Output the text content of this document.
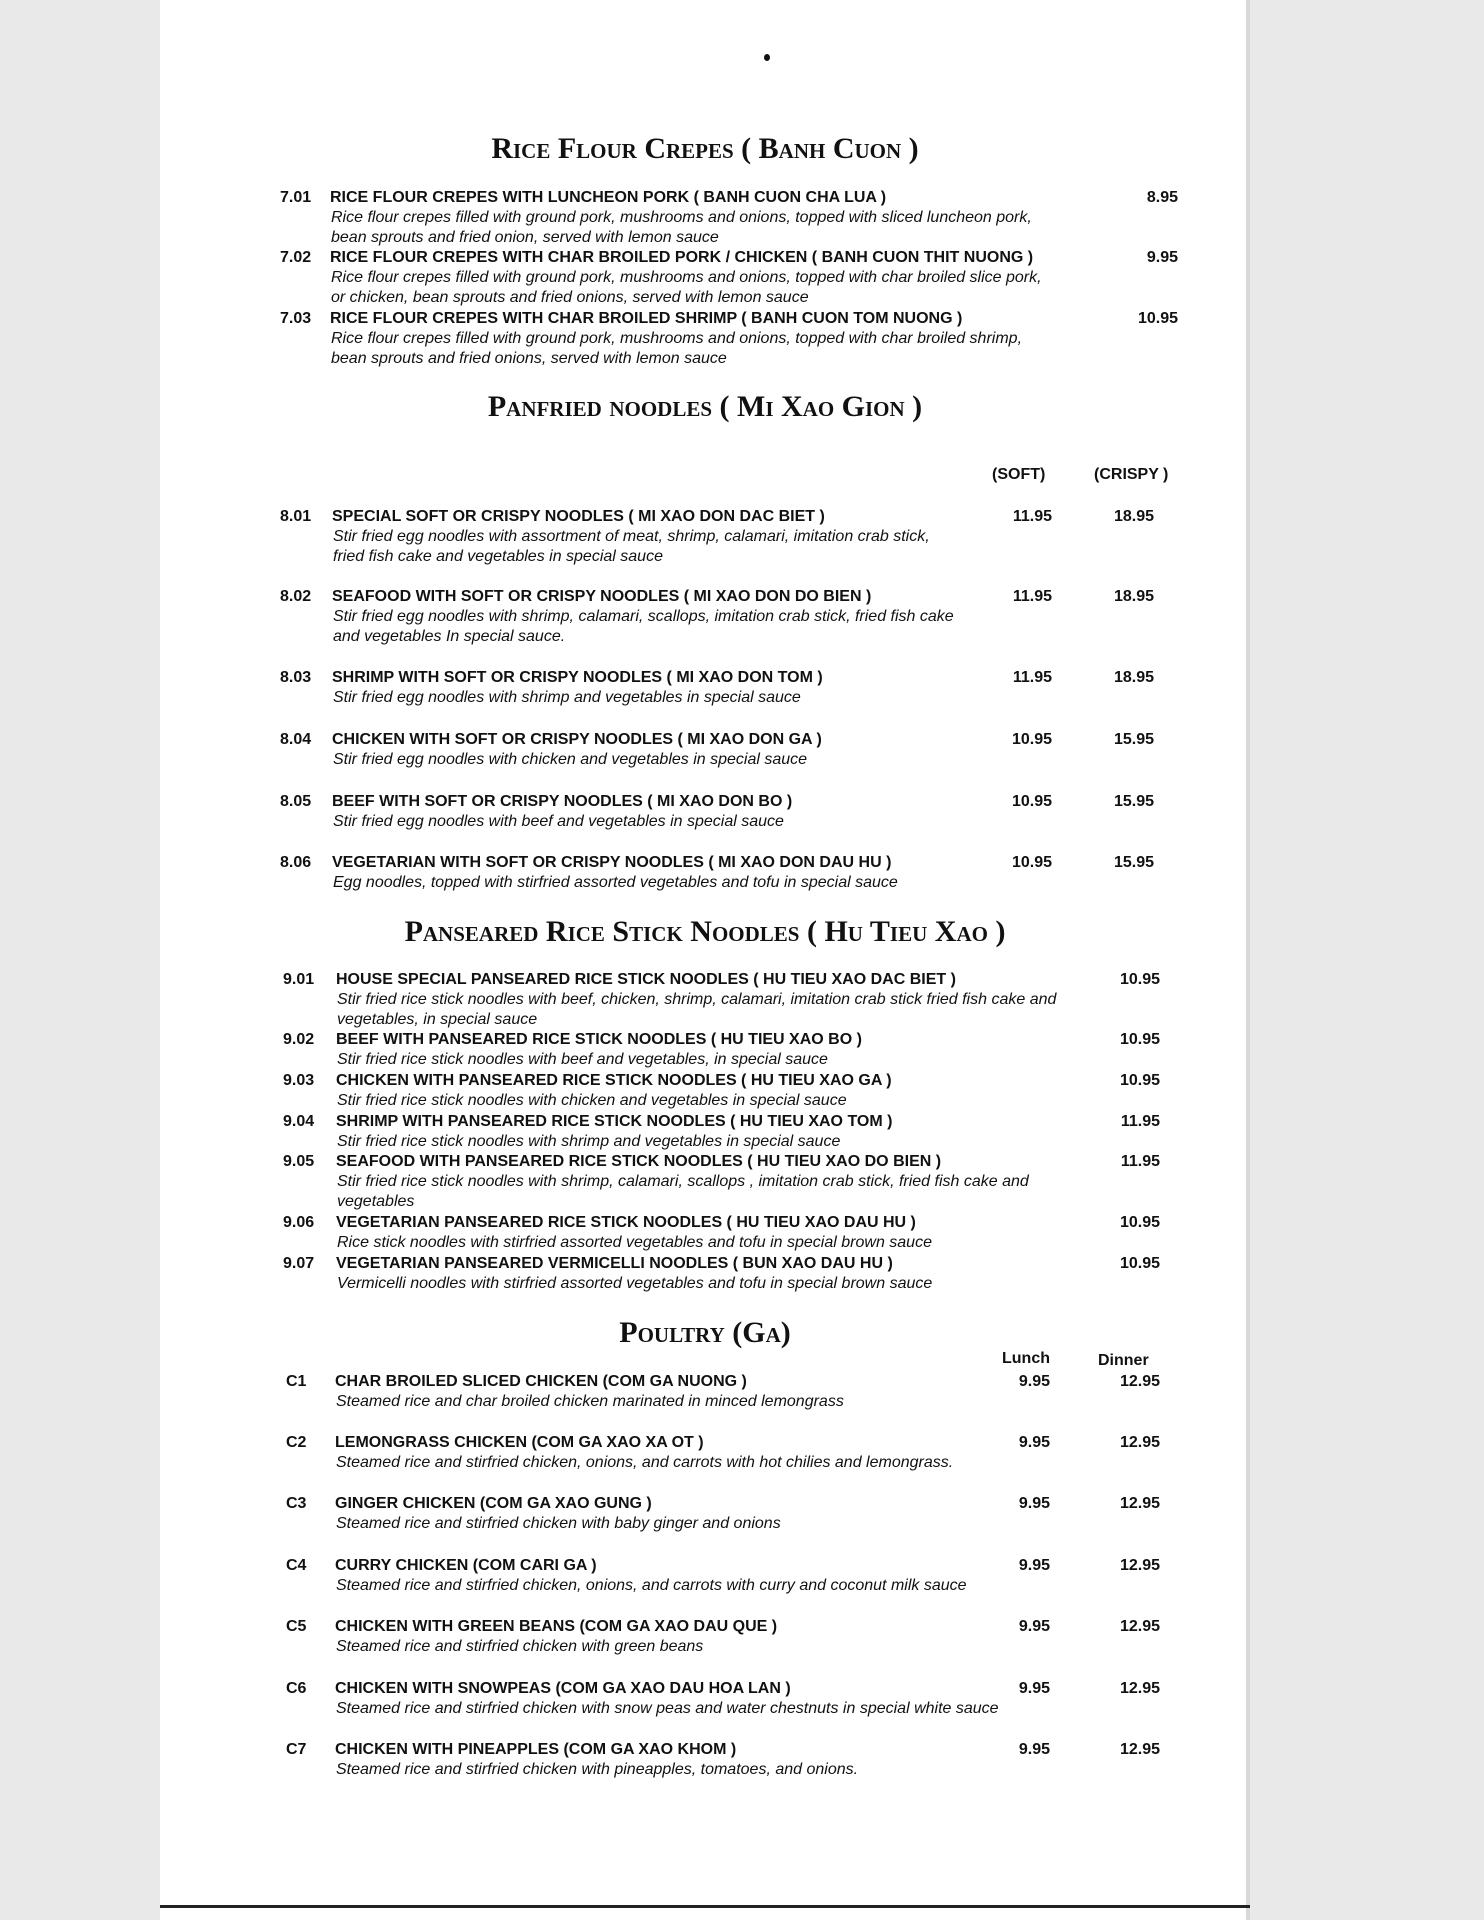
Rice Flour Crepes ( Banh Cuon )
Panfried noodles ( Mi Xao Gion )
Panseared Rice Stick Noodles ( Hu Tieu Xao )
Poultry (Ga)
(SOFT)	(CRISPY )
Lunch	Dinner
7.01 RICE FLOUR CREPES WITH LUNCHEON PORK ( BANH CUON CHA LUA )	8.95
Rice flour crepes filled with ground pork, mushrooms and onions, topped with sliced luncheon pork,
bean sprouts and fried onion, served with lemon sauce
7.02 RICE FLOUR CREPES WITH CHAR BROILED PORK / CHICKEN ( BANH CUON THIT NUONG )	9.95
Rice flour crepes filled with ground pork, mushrooms and onions, topped with char broiled slice pork,
or chicken, bean sprouts and fried onions, served with lemon sauce
7.03 RICE FLOUR CREPES WITH CHAR BROILED SHRIMP ( BANH CUON TOM NUONG )	10.95
Rice flour crepes filled with ground pork, mushrooms and onions, topped with char broiled shrimp,
bean sprouts and fried onions, served with lemon sauce
8.01 SPECIAL SOFT OR CRISPY NOODLES ( MI XAO DON DAC BIET )	11.95	18.95
Stir fried egg noodles with assortment of meat, shrimp, calamari, imitation crab stick,
fried fish cake and vegetables in special sauce
8.02 SEAFOOD WITH SOFT OR CRISPY NOODLES ( MI XAO DON DO BIEN )	11.95	18.95
Stir fried egg noodles with shrimp, calamari, scallops, imitation crab stick, fried fish cake
and vegetables In special sauce.
8.03 SHRIMP WITH SOFT OR CRISPY NOODLES ( MI XAO DON TOM )	11.95	18.95
Stir fried egg noodles with shrimp and vegetables in special sauce
8.04 CHICKEN WITH SOFT OR CRISPY NOODLES ( MI XAO DON GA )	10.95	15.95
Stir fried egg noodles with chicken and vegetables in special sauce
8.05 BEEF WITH SOFT OR CRISPY NOODLES ( MI XAO DON BO )	10.95	15.95
Stir fried egg noodles with beef and vegetables in special sauce
8.06 VEGETARIAN WITH SOFT OR CRISPY NOODLES ( MI XAO DON DAU HU )	10.95	15.95
Egg noodles, topped with stirfried assorted vegetables and tofu in special sauce
9.01 HOUSE SPECIAL PANSEARED RICE STICK NOODLES ( HU TIEU XAO DAC BIET )	10.95
Stir fried rice stick noodles with beef, chicken, shrimp, calamari, imitation crab stick fried fish cake and
vegetables, in special sauce
9.02 BEEF WITH PANSEARED RICE STICK NOODLES ( HU TIEU XAO BO )	10.95
Stir fried rice stick noodles with beef and vegetables, in special sauce
9.03 CHICKEN WITH PANSEARED RICE STICK NOODLES ( HU TIEU XAO GA )	10.95
Stir fried rice stick noodles with chicken and vegetables in special sauce
9.04 SHRIMP WITH PANSEARED RICE STICK NOODLES ( HU TIEU XAO TOM )	11.95
Stir fried rice stick noodles with shrimp and vegetables in special sauce
9.05 SEAFOOD WITH PANSEARED RICE STICK NOODLES ( HU TIEU XAO DO BIEN )	11.95
Stir fried rice stick noodles with shrimp, calamari, scallops , imitation crab stick, fried fish cake and
vegetables
9.06 VEGETARIAN PANSEARED RICE STICK NOODLES ( HU TIEU XAO DAU HU )	10.95
Rice stick noodles with stirfried assorted vegetables and tofu in special brown sauce
9.07 VEGETARIAN PANSEARED VERMICELLI NOODLES ( BUN XAO DAU HU )	10.95
Vermicelli noodles with stirfried assorted vegetables and tofu in special brown sauce
C1 CHAR BROILED SLICED CHICKEN (COM GA NUONG )	9.95	12.95
Steamed rice and char broiled chicken marinated in minced lemongrass
C2 LEMONGRASS CHICKEN (COM GA XAO XA OT )	9.95	12.95
Steamed rice and stirfried chicken, onions, and carrots with hot chilies and lemongrass.
C3 GINGER CHICKEN (COM GA XAO GUNG )	9.95	12.95
Steamed rice and stirfried chicken with baby ginger and onions
C4 CURRY CHICKEN (COM CARI GA )	9.95	12.95
Steamed rice and stirfried chicken, onions, and carrots with curry and coconut milk sauce
C5 CHICKEN WITH GREEN BEANS (COM GA XAO DAU QUE )	9.95	12.95
Steamed rice and stirfried chicken with green beans
C6 CHICKEN WITH SNOWPEAS (COM GA XAO DAU HOA LAN )	9.95	12.95
Steamed rice and stirfried chicken with snow peas and water chestnuts in special white sauce
C7 CHICKEN WITH PINEAPPLES (COM GA XAO KHOM )	9.95	12.95
Steamed rice and stirfried chicken with pineapples, tomatoes, and onions.
